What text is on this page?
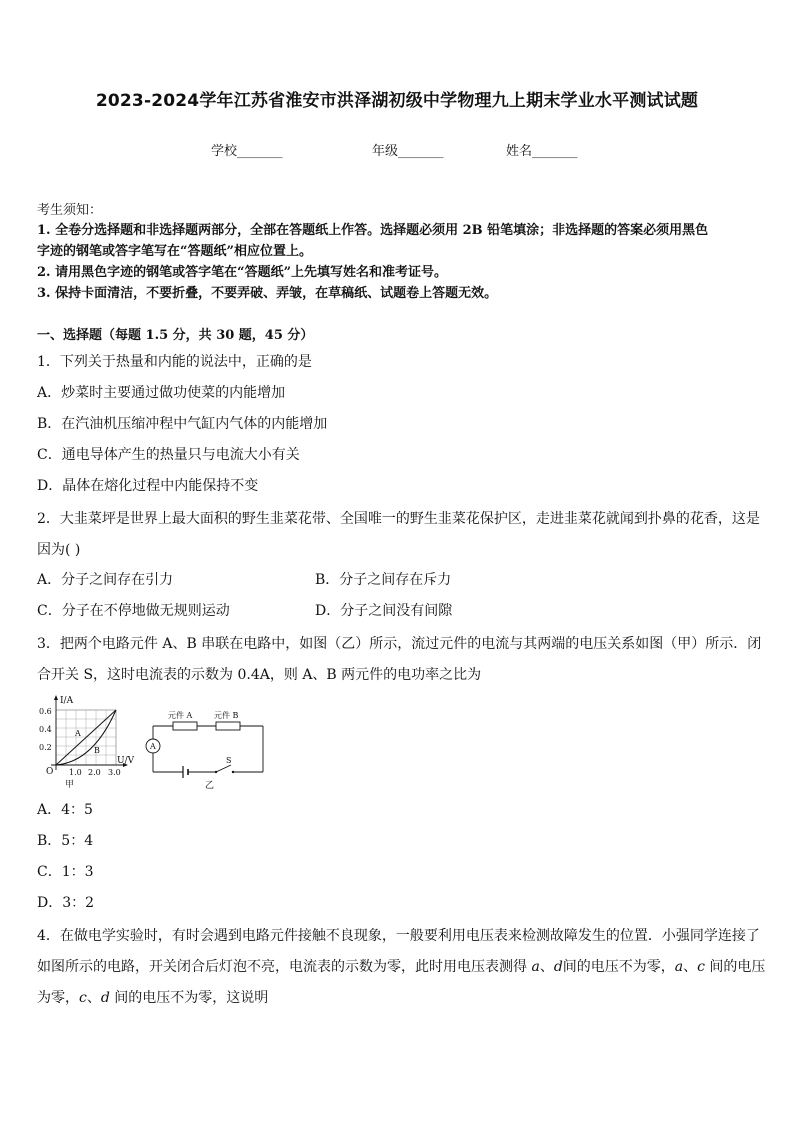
2023-2024学年江苏省淮安市洪泽湖初级中学物理九上期末学业水平测试试题
学校_______	年级_______	姓名_______
考生须知：
1. 全卷分选择题和非选择题两部分，全部在答题纸上作答。选择题必须用 2B 铅笔填涂；非选择题的答案必须用黑色
字迹的钢笔或答字笔写在“答题纸”相应位置上。
2. 请用黑色字迹的钢笔或答字笔在“答题纸”上先填写姓名和准考证号。
3. 保持卡面清洁，不要折叠，不要弄破、弄皱，在草稿纸、试题卷上答题无效。
一、选择题（每题 1.5 分，共 30 题，45 分）
1．下列关于热量和内能的说法中，正确的是
A．炒菜时主要通过做功使菜的内能增加
B．在汽油机压缩冲程中气缸内气体的内能增加
C．通电导体产生的热量只与电流大小有关
D．晶体在熔化过程中内能保持不变
2．大韭菜坪是世界上最大面积的野生韭菜花带、全国唯一的野生韭菜花保护区，走进韭菜花就闻到扑鼻的花香，这是
因为( )
A．分子之间存在引力	B．分子之间存在斥力
C．分子在不停地做无规则运动	D．分子之间没有间隙
3．把两个电路元件 A、B 串联在电路中，如图（乙）所示，流过元件的电流与其两端的电压关系如图（甲）所示．闭
合开关 S，这时电流表的示数为 0.4A，则 A、B 两元件的电功率之比为
I/A
U/V
O
0.6
0.4
0.2
1.0 2.0 3.0
A
B
甲
元件 A	元件 B
A
S
乙
A．4：5
B．5：4
C．1：3
D．3：2
4．在做电学实验时，有时会遇到电路元件接触不良现象，一般要利用电压表来检测故障发生的位置．小强同学连接了
如图所示的电路，开关闭合后灯泡不亮，电流表的示数为零，此时用电压表测得 a、d间的电压不为零，a、c 间的电压
为零，c、d 间的电压不为零，这说明
